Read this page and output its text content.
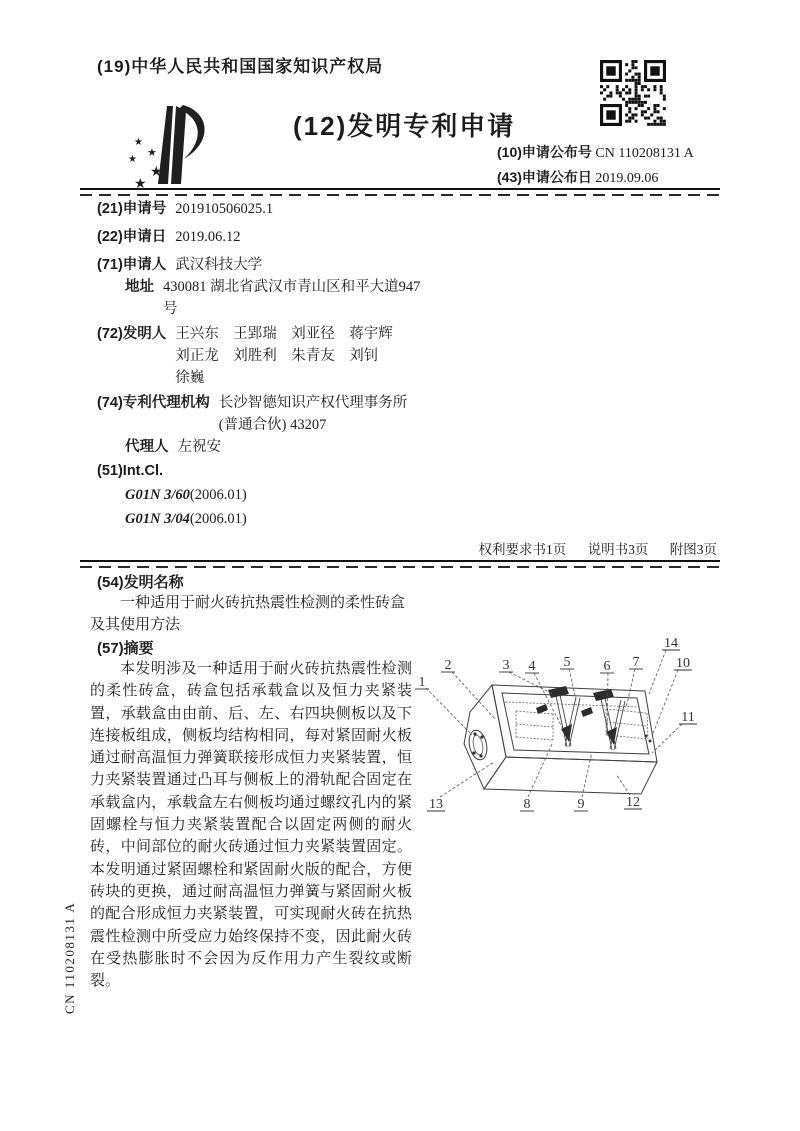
CN 110208131 A
(19)中华人民共和国国家知识产权局
★
★
★
★
★
(12)发明专利申请
(10)申请公布号 CN 110208131 A
(43)申请公布日 2019.09.06
(21)申请号 201910506025.1
(22)申请日 2019.06.12
(71)申请人 武汉科技大学
地址 430081 湖北省武汉市青山区和平大道947号
(72)发明人 王兴东　王郢瑞　刘亚径　蒋宇辉
刘正龙　刘胜利　朱青友　刘钊
徐巍
(74)专利代理机构 长沙智德知识产权代理事务所(普通合伙) 43207
代理人 左祝安
(51)Int.Cl.
G01N 3/60(2006.01)
G01N 3/04(2006.01)
权利要求书1页 说明书3页 附图3页
(54)发明名称
一种适用于耐火砖抗热震性检测的柔性砖盒及其使用方法
(57)摘要
本发明涉及一种适用于耐火砖抗热震性检测的柔性砖盒，砖盒包括承载盒以及恒力夹紧装置，承载盒由由前、后、左、右四块侧板以及下连接板组成，侧板均结构相同，每对紧固耐火板通过耐高温恒力弹簧联接形成恒力夹紧装置，恒力夹紧装置通过凸耳与侧板上的滑轨配合固定在承载盒内，承载盒左右侧板均通过螺纹孔内的紧固螺栓与恒力夹紧装置配合以固定两侧的耐火砖，中间部位的耐火砖通过恒力夹紧装置固定。本发明通过紧固螺栓和紧固耐火版的配合，方便砖块的更换，通过耐高温恒力弹簧与紧固耐火板的配合形成恒力夹紧装置，可实现耐火砖在抗热震性检测中所受应力始终保持不变，因此耐火砖在受热膨胀时不会因为反作用力产生裂纹或断裂。
1
2	3 4 5 6 7
8	9
10
11
12
13
14
